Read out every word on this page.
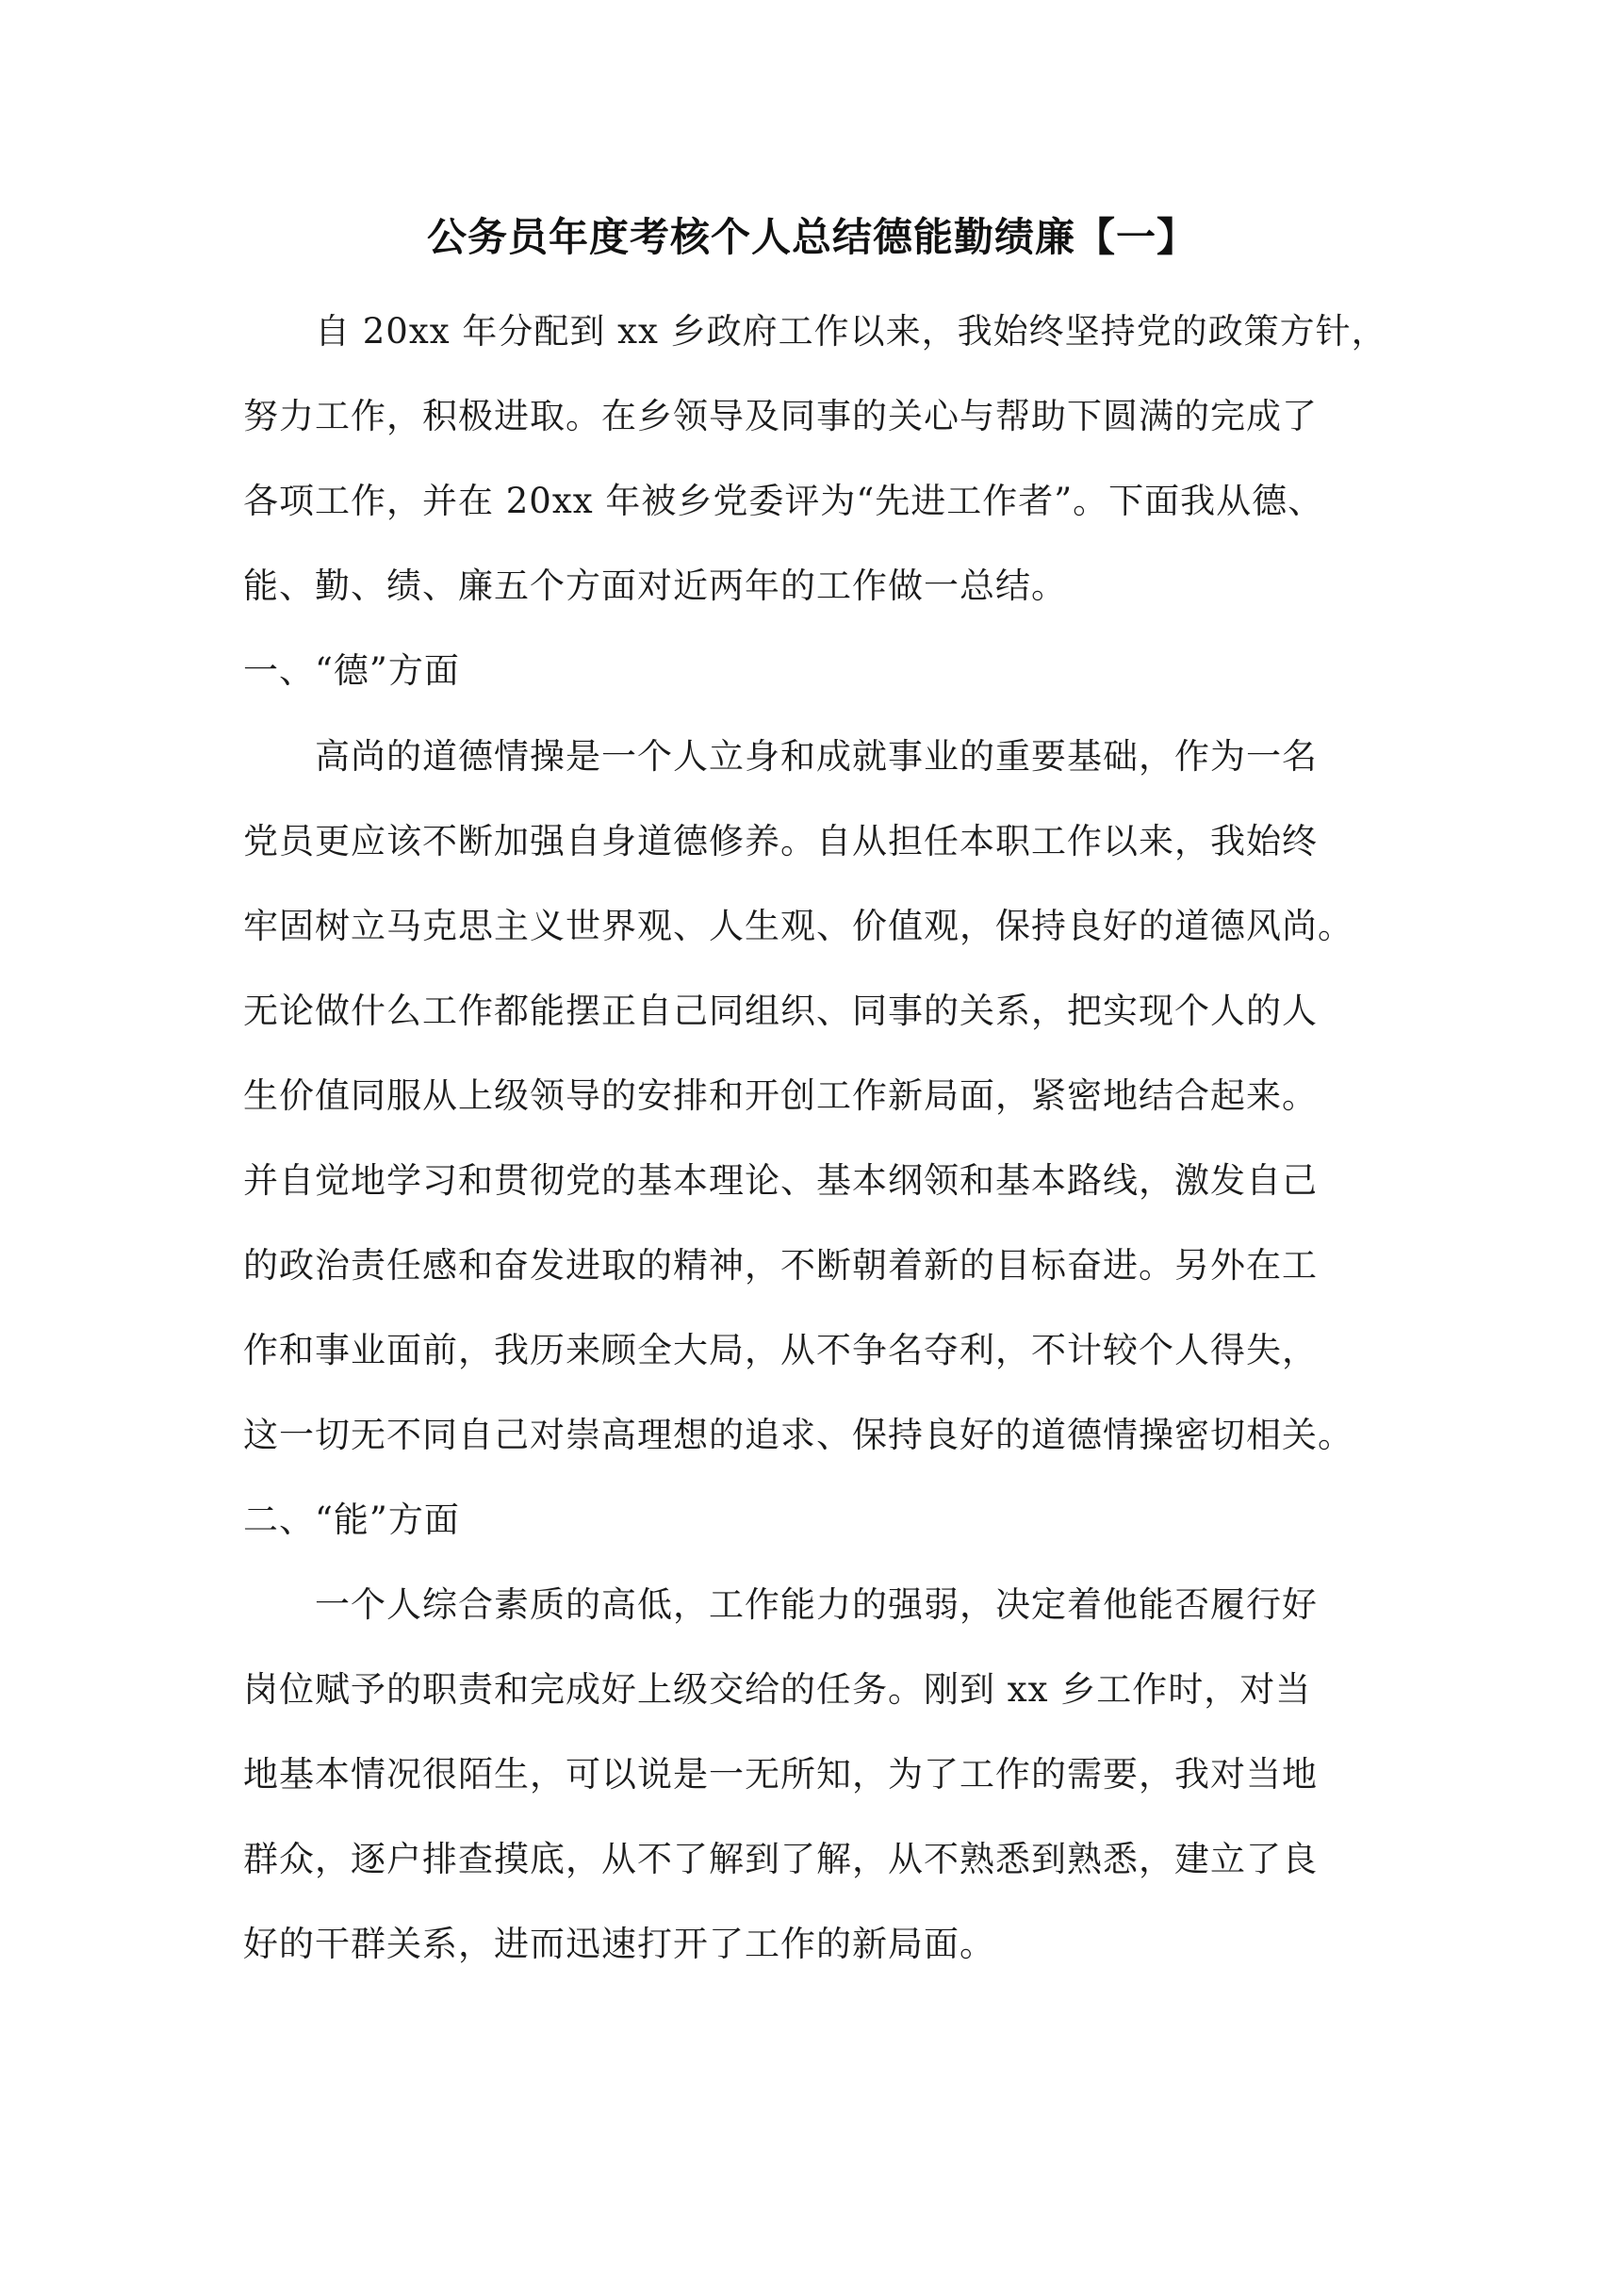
公务员年度考核个人总结德能勤绩廉【一】
自 20xx 年分配到 xx 乡政府工作以来，我始终坚持党的政策方针，
努力工作，积极进取。在乡领导及同事的关心与帮助下圆满的完成了
各项工作，并在 20xx 年被乡党委评为“先进工作者”。下面我从德、
能、勤、绩、廉五个方面对近两年的工作做一总结。
一、“德”方面
高尚的道德情操是一个人立身和成就事业的重要基础，作为一名
党员更应该不断加强自身道德修养。自从担任本职工作以来，我始终
牢固树立马克思主义世界观、人生观、价值观，保持良好的道德风尚。
无论做什么工作都能摆正自己同组织、同事的关系，把实现个人的人
生价值同服从上级领导的安排和开创工作新局面，紧密地结合起来。
并自觉地学习和贯彻党的基本理论、基本纲领和基本路线，激发自己
的政治责任感和奋发进取的精神，不断朝着新的目标奋进。另外在工
作和事业面前，我历来顾全大局，从不争名夺利，不计较个人得失，
这一切无不同自己对崇高理想的追求、保持良好的道德情操密切相关。
二、“能”方面
一个人综合素质的高低，工作能力的强弱，决定着他能否履行好
岗位赋予的职责和完成好上级交给的任务。刚到 xx 乡工作时，对当
地基本情况很陌生，可以说是一无所知，为了工作的需要，我对当地
群众，逐户排查摸底，从不了解到了解，从不熟悉到熟悉，建立了良
好的干群关系，进而迅速打开了工作的新局面。
